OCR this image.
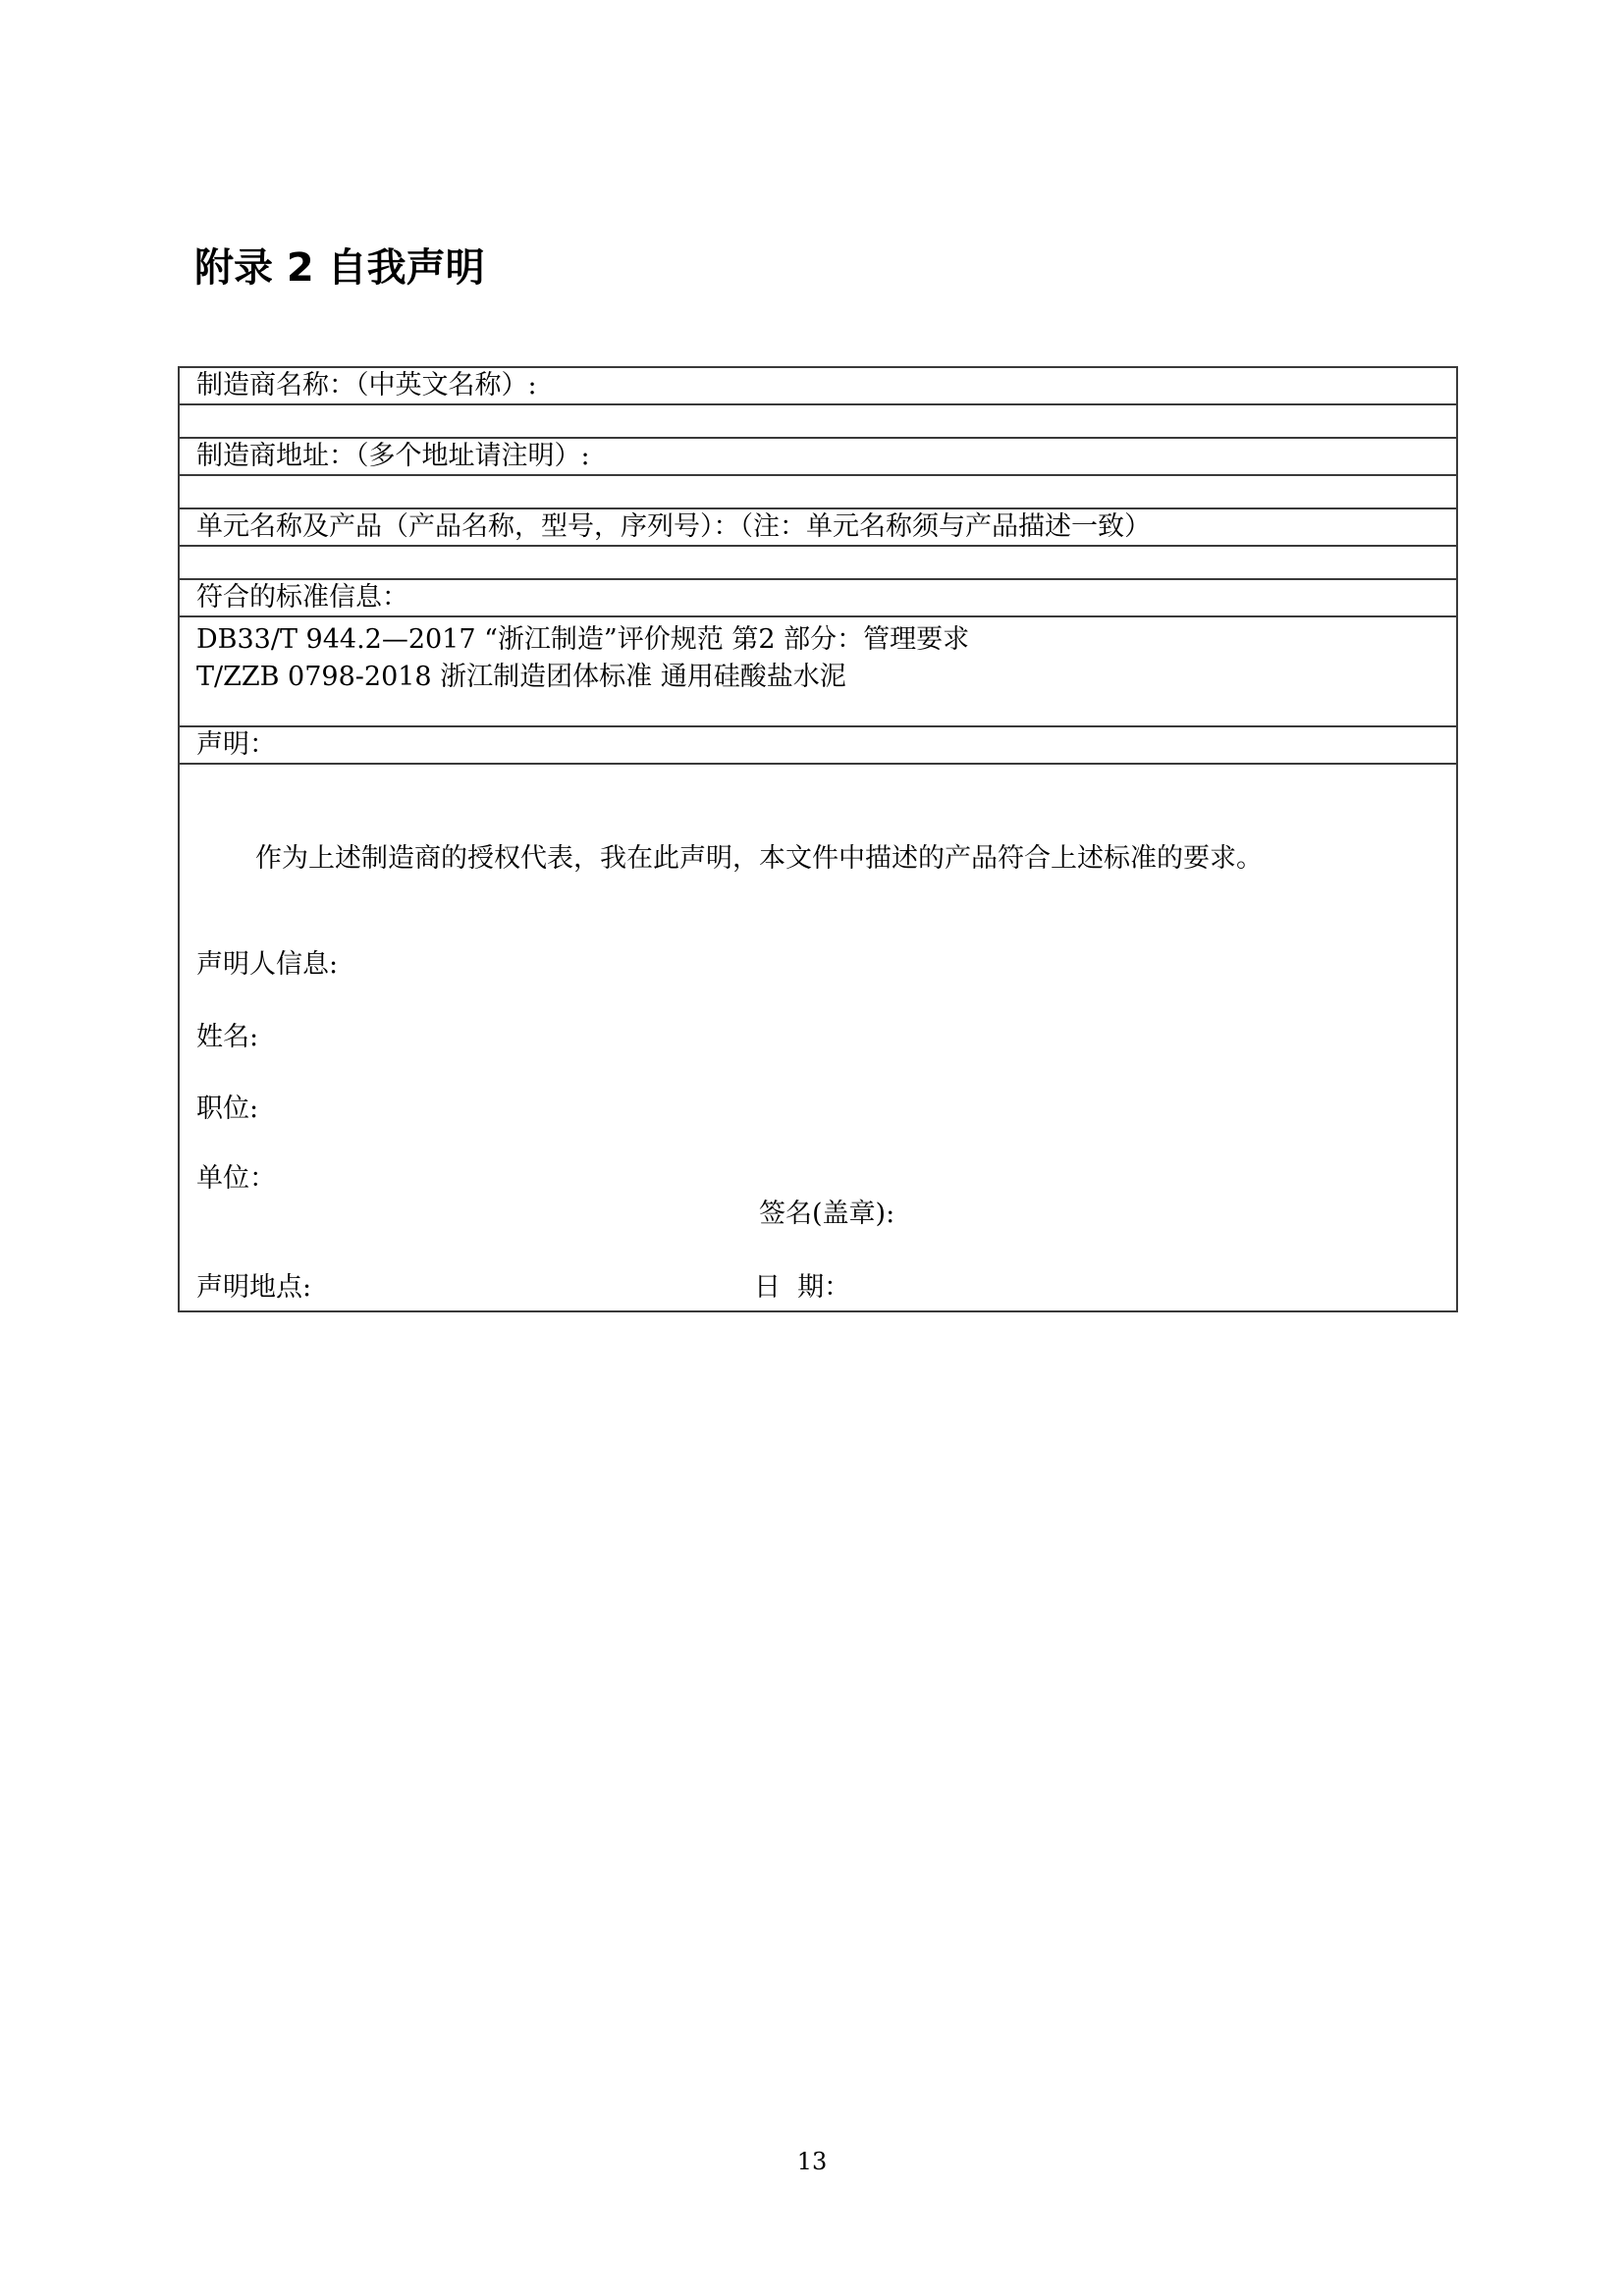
附录 2 自我声明
制造商名称：（中英文名称）:

制造商地址：（多个地址请注明）:

单元名称及产品（产品名称，型号，序列号）：（注：单元名称须与产品描述一致）

符合的标准信息：

DB33/T 944.2—2017 “浙江制造”评价规范 第2 部分：管理要求
T/ZZB 0798-2018 浙江制造团体标准 通用硅酸盐水泥

声明：

作为上述制造商的授权代表，我在此声明，本文件中描述的产品符合上述标准的要求。
声明人信息:
姓名:
职位:
单位：
签名(盖章):
声明地点:	日  期：
13
